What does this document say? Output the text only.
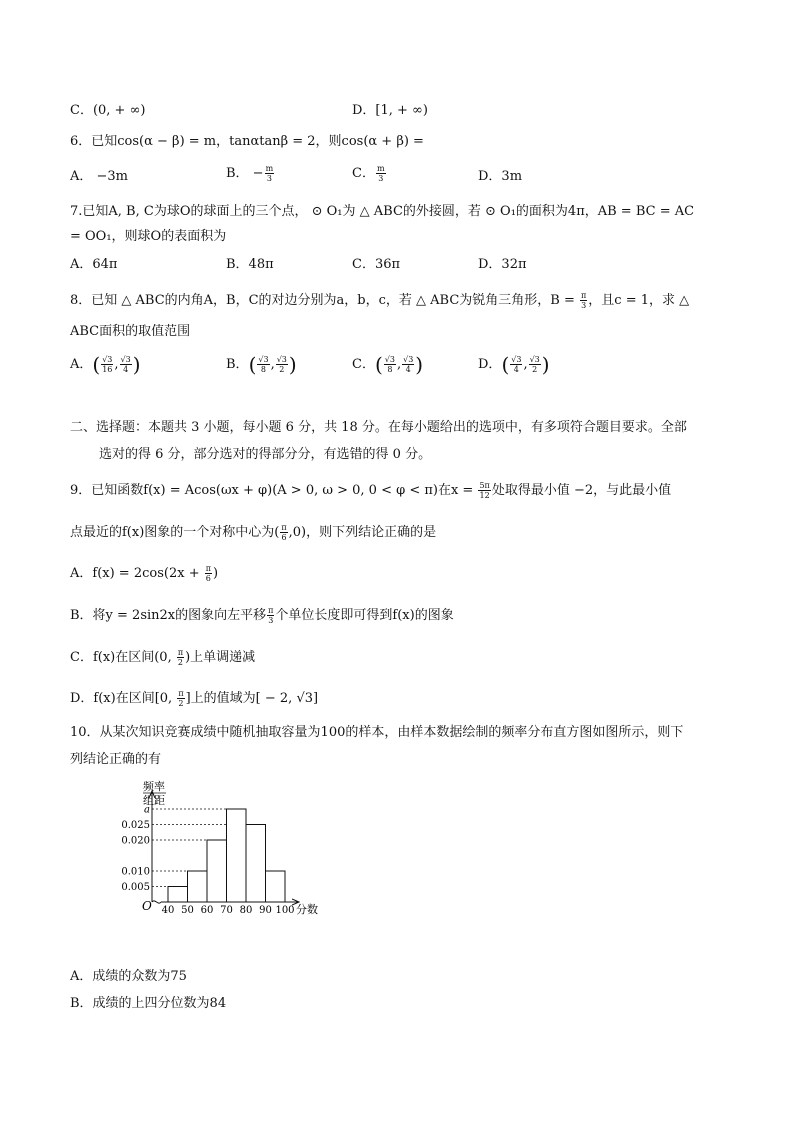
C．(0, + ∞)	D．[1, + ∞)
6．已知cos(α − β) = m，tanαtanβ = 2，则cos(α + β) =
A． −3m	B． − $\frac{m}{3}$	C． $\frac{m}{3}$	D．3m
7.已知A, B, C为球O的球面上的三个点， ⊙ O₁为 △ ABC的外接圆，若 ⊙ O₁的面积为4π，AB = BC = AC
= OO₁，则球O的表面积为
A．64π	B．48π	C．36π	D．32π
8．已知 △ ABC的内角A，B，C的对边分别为a，b，c，若 △ ABC为锐角三角形，$B = \frac{\pi}{3}$ ，且c = 1，求 △
ABC面积的取值范围
A．( $\frac{√3}{16}$ , $\frac{√3}{4}$ )	B．( $\frac{√3}{8}$ , $\frac{√3}{2}$ )	C．( $\frac{√3}{8}$ , $\frac{√3}{4}$ )	D．( $\frac{√3}{4}$ , $\frac{√3}{2}$ )
二、选择题：本题共 3 小题，每小题 6 分，共 18 分。在每小题给出的选项中，有多项符合题目要求。全部
选对的得 6 分，部分选对的得部分分，有选错的得 0 分。
9．已知函数f(x) = Acos(ωx + φ)(A > 0, ω > 0, 0 < φ < π)在$x = \frac{5\pi}{12}$ 处取得最小值 −2，与此最小值
点最近的f(x)图象的一个对称中心为( $\frac{\pi}{6} ,0$)，则下列结论正确的是
A．$f(x) = 2\cos(2x + \frac{\pi}{6}$ )
B．将y = 2sin2x的图象向左平移 $\frac{\pi}{3}$ 个单位长度即可得到f(x)的图象
C．f(x)在区间(0, $\frac{\pi}{2}$ )上单调递减
D．f(x)在区间[0, $\frac{\pi}{2}$ ]上的值域为[ − 2, √3]
10．从某次知识竞赛成绩中随机抽取容量为100的样本，由样本数据绘制的频率分布直方图如图所示，则下
列结论正确的有
频率
组距
O	分数
40 50 60 70 80 90 100
a
0.025
0.020
0.010
0.005
A．成绩的众数为75
B．成绩的上四分位数为84
